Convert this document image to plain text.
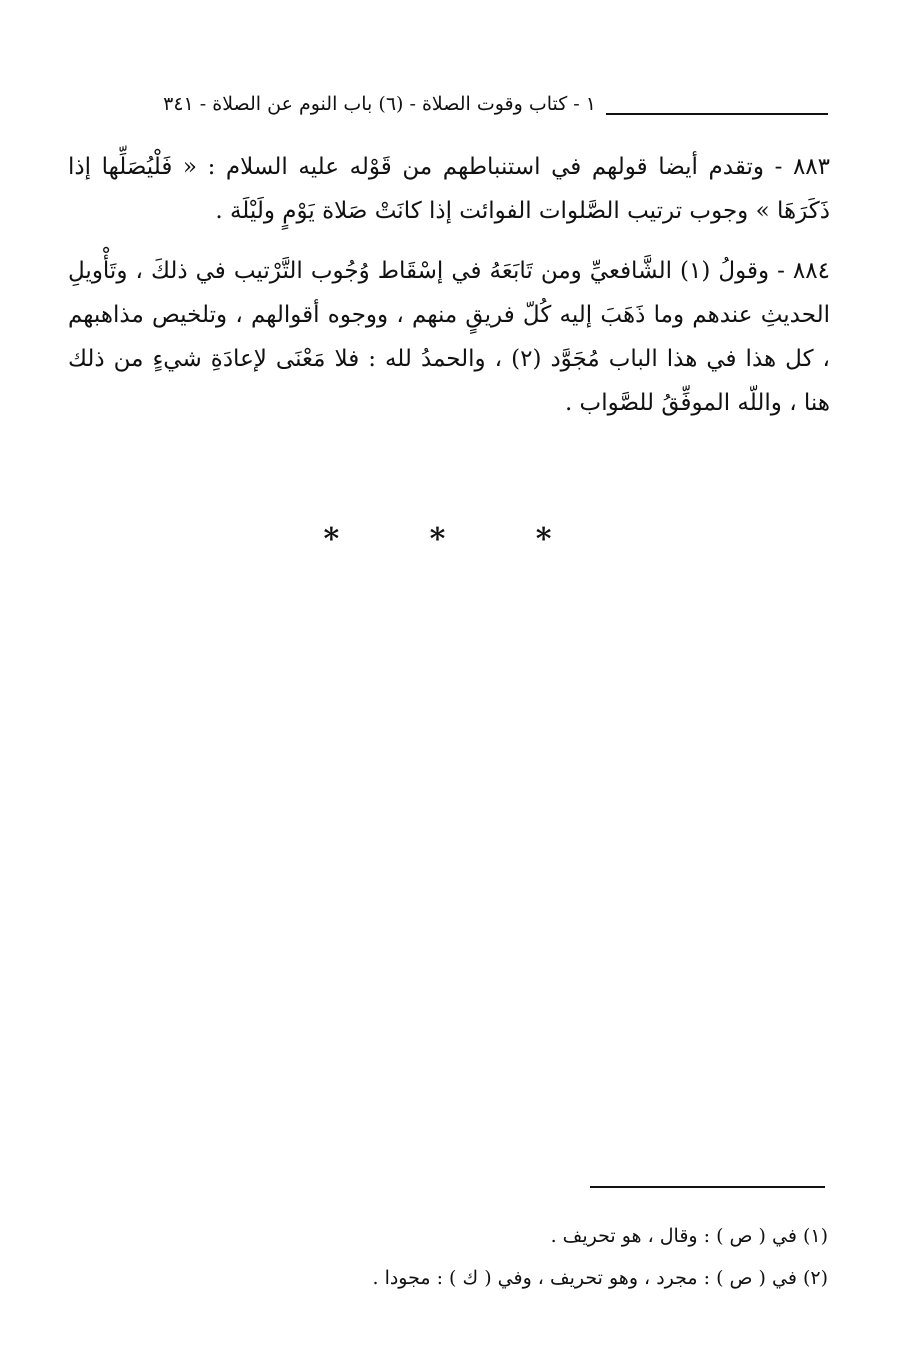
١ - كتاب وقوت الصلاة - (٦) باب النوم عن الصلاة - ٣٤١

٨٨٣ - وتقدم أيضا قولهم في استنباطهم من قَوْله عليه السلام : « فَلْيُصَلِّها إذا ذَكَرَهَا » وجوب ترتيب الصَّلوات الفوائت إذا كانَتْ صَلاة يَوْمٍ ولَيْلَة .

٨٨٤ - وقولُ (١) الشَّافعيِّ ومن تَابَعَهُ في إسْقَاط وُجُوب التَّرْتيب في ذلكَ ، وتَأْويلِ الحديثِ عندهم وما ذَهَبَ إليه كُلّ فريقٍ منهم ، ووجوه أقوالهم ، وتلخيص مذاهبهم ، كل هذا في هذا الباب مُجَوَّد (٢) ، والحمدُ لله : فلا مَعْنَى لإعادَةِ شيءٍ من ذلك هنا ، واللّه الموفِّقُ للصَّواب .

* * *

(١) في ( ص ) : وقال ، هو تحريف .

(٢) في ( ص ) : مجرد ، وهو تحريف ، وفي ( ك ) : مجودا .
